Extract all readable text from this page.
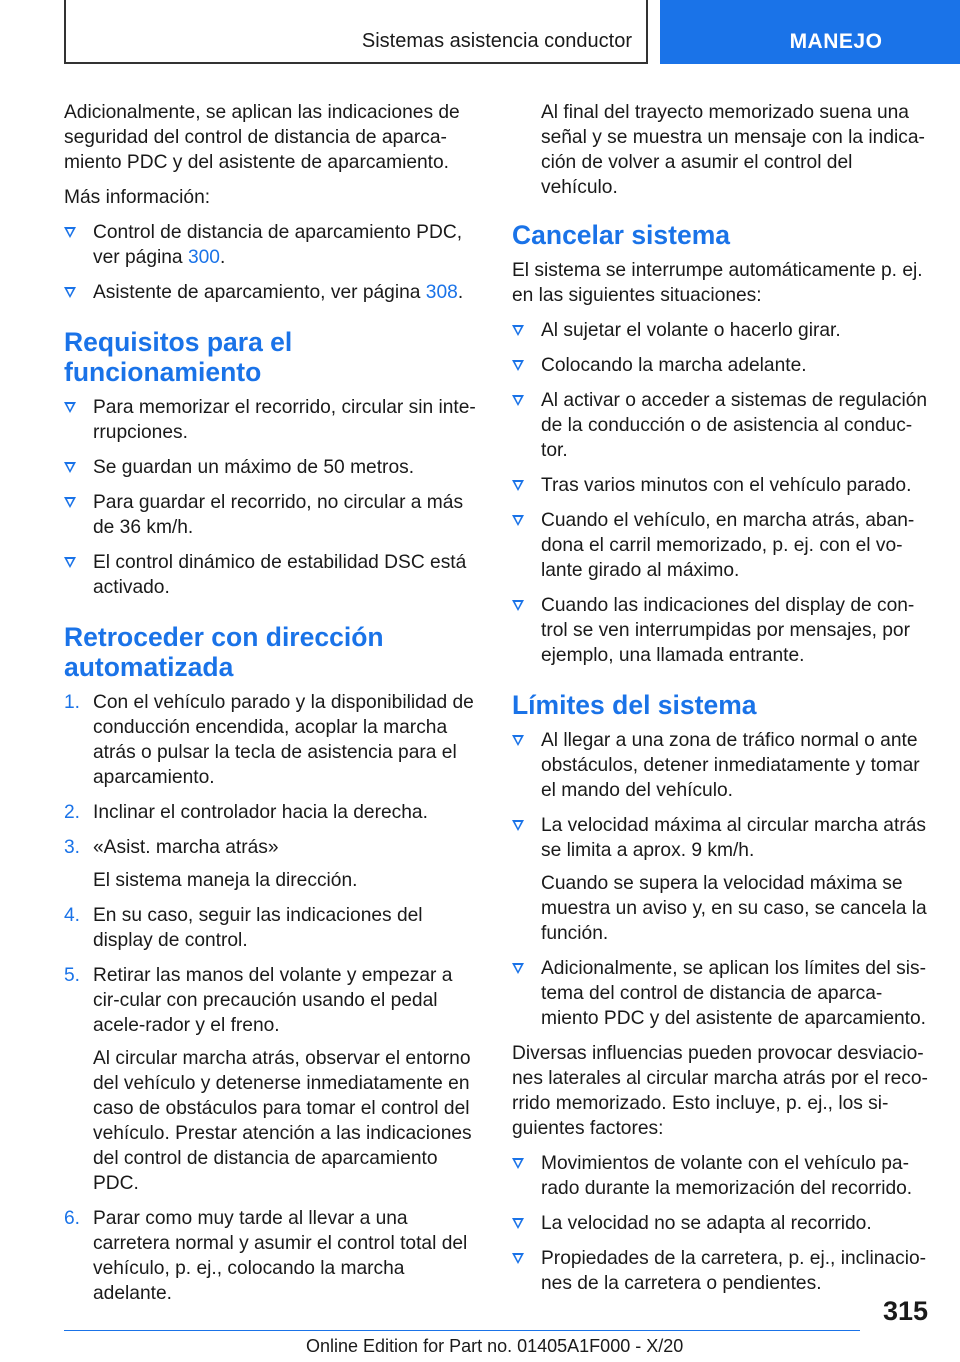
Sistemas asistencia conductor	MANEJO

Adicionalmente, se aplican las indicaciones de seguridad del control de distancia de aparca-miento PDC y del asistente de aparcamiento.

Más información:

Control de distancia de aparcamiento PDC, ver página 300.
Asistente de aparcamiento, ver página 308.
Requisitos para el funcionamiento
Para memorizar el recorrido, circular sin inte-rrupciones.
Se guardan un máximo de 50 metros.
Para guardar el recorrido, no circular a más de 36 km/h.
El control dinámico de estabilidad DSC está activado.
Retroceder con dirección automatizada
1. Con el vehículo parado y la disponibilidad de conducción encendida, acoplar la marcha atrás o pulsar la tecla de asistencia para el aparcamiento.
2. Inclinar el controlador hacia la derecha.
3. «Asist. marcha atrás»
El sistema maneja la dirección.
4. En su caso, seguir las indicaciones del display de control.
5. Retirar las manos del volante y empezar a cir-cular con precaución usando el pedal acele-rador y el freno.
Al circular marcha atrás, observar el entorno del vehículo y detenerse inmediatamente en caso de obstáculos para tomar el control del vehículo. Prestar atención a las indicaciones del control de distancia de aparcamiento PDC.
6. Parar como muy tarde al llevar a una carretera normal y asumir el control total del vehículo, p. ej., colocando la marcha adelante.
Al final del trayecto memorizado suena una señal y se muestra un mensaje con la indica-ción de volver a asumir el control del vehículo.
Cancelar sistema

El sistema se interrumpe automáticamente p. ej. en las siguientes situaciones:

Al sujetar el volante o hacerlo girar.
Colocando la marcha adelante.
Al activar o acceder a sistemas de regulación de la conducción o de asistencia al conduc-tor.
Tras varios minutos con el vehículo parado.
Cuando el vehículo, en marcha atrás, aban-dona el carril memorizado, p. ej. con el vo-lante girado al máximo.
Cuando las indicaciones del display de con-trol se ven interrumpidas por mensajes, por ejemplo, una llamada entrante.
Límites del sistema
Al llegar a una zona de tráfico normal o ante obstáculos, detener inmediatamente y tomar el mando del vehículo.
La velocidad máxima al circular marcha atrás se limita a aprox. 9 km/h.
Cuando se supera la velocidad máxima se muestra un aviso y, en su caso, se cancela la función.
Adicionalmente, se aplican los límites del sis-tema del control de distancia de aparca-miento PDC y del asistente de aparcamiento.

Diversas influencias pueden provocar desviacio-nes laterales al circular marcha atrás por el reco-rrido memorizado. Esto incluye, p. ej., los si-guientes factores:

Movimientos de volante con el vehículo pa-rado durante la memorización del recorrido.
La velocidad no se adapta al recorrido.
Propiedades de la carretera, p. ej., inclinacio-nes de la carretera o pendientes.
315
Online Edition for Part no. 01405A1F000 - X/20
